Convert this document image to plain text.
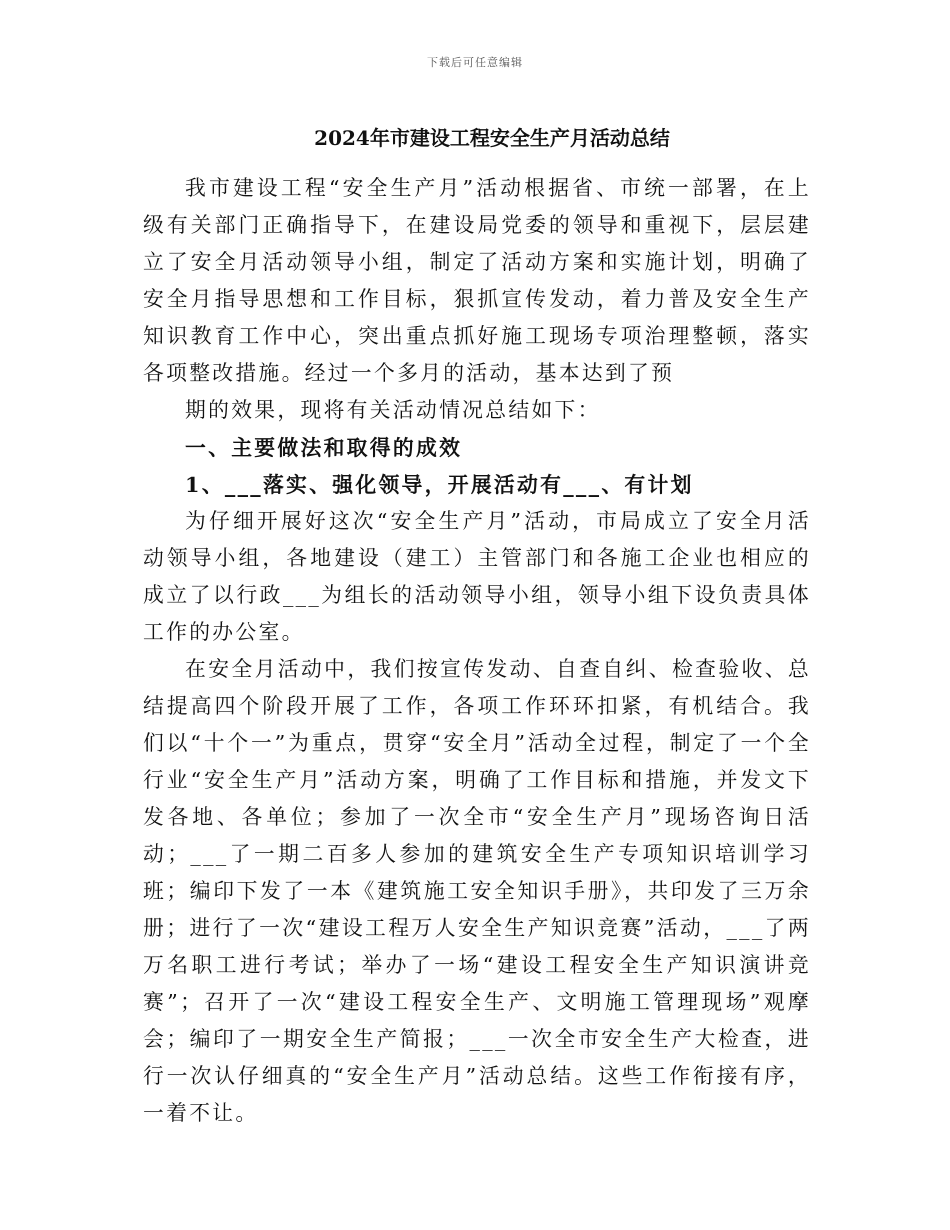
下载后可任意编辑
2024年市建设工程安全生产月活动总结

我市建设工程“安全生产月”活动根据省、市统一部署，在上级有关部门正确指导下，在建设局党委的领导和重视下，层层建立了安全月活动领导小组，制定了活动方案和实施计划，明确了安全月指导思想和工作目标，狠抓宣传发动，着力普及安全生产知识教育工作中心，突出重点抓好施工现场专项治理整顿，落实各项整改措施。经过一个多月的活动，基本达到了预

期的效果，现将有关活动情况总结如下：

一、主要做法和取得的成效

1、___落实、强化领导，开展活动有___、有计划

为仔细开展好这次“安全生产月”活动，市局成立了安全月活动领导小组，各地建设（建工）主管部门和各施工企业也相应的成立了以行政___为组长的活动领导小组，领导小组下设负责具体工作的办公室。

在安全月活动中，我们按宣传发动、自查自纠、检查验收、总结提高四个阶段开展了工作，各项工作环环扣紧，有机结合。我们以“十个一”为重点，贯穿“安全月”活动全过程，制定了一个全行业“安全生产月”活动方案，明确了工作目标和措施，并发文下发各地、各单位；参加了一次全市“安全生产月”现场咨询日活动；___了一期二百多人参加的建筑安全生产专项知识培训学习班；编印下发了一本《建筑施工安全知识手册》，共印发了三万余册；进行了一次“建设工程万人安全生产知识竞赛”活动，___了两万名职工进行考试；举办了一场“建设工程安全生产知识演讲竞赛”；召开了一次“建设工程安全生产、文明施工管理现场”观摩会；编印了一期安全生产简报；___一次全市安全生产大检查，进行一次认仔细真的“安全生产月”活动总结。这些工作衔接有序，一着不让。
